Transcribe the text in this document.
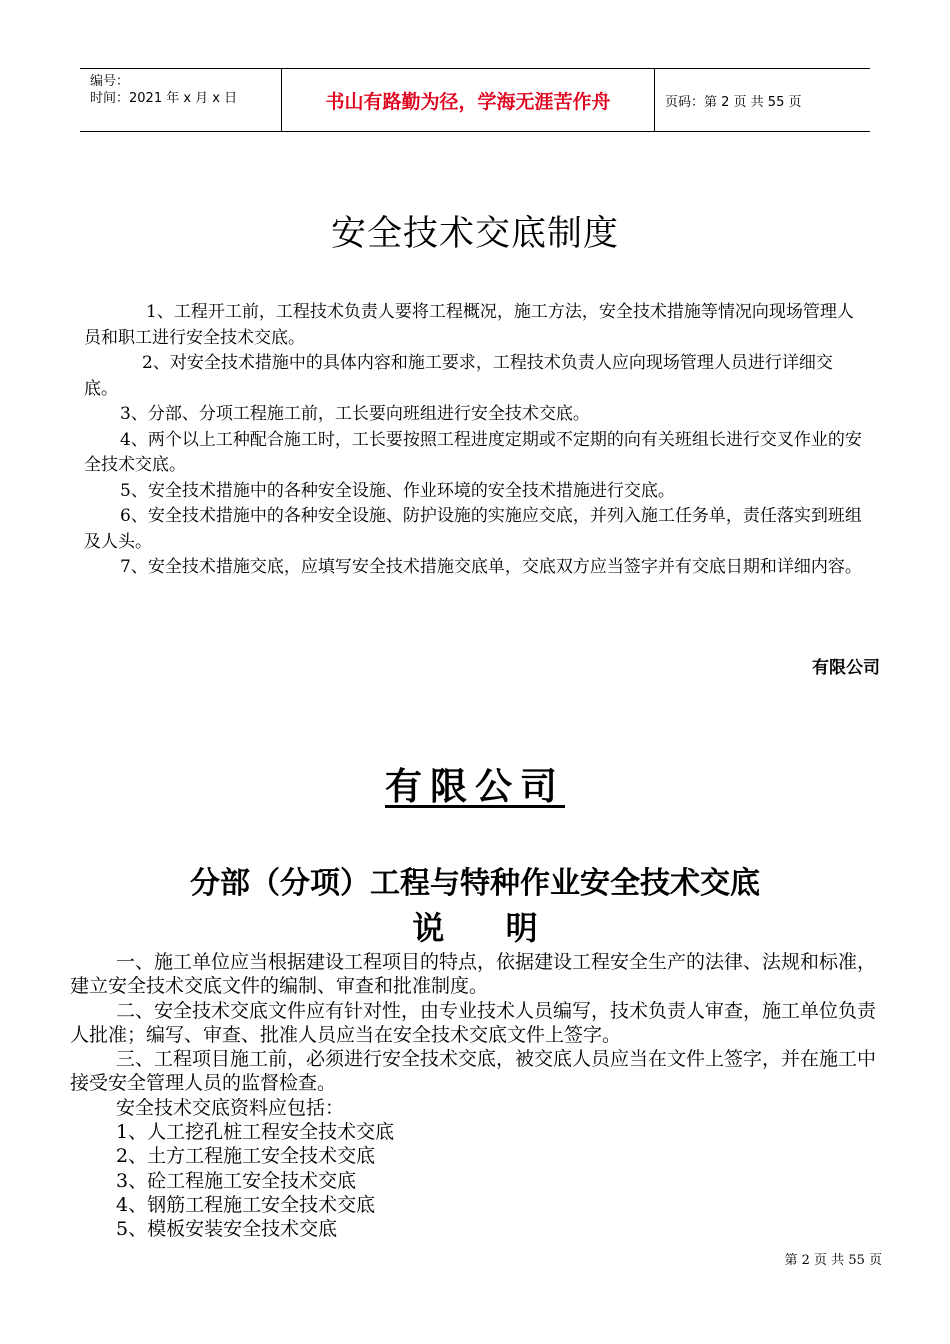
编号：
时间：2021 年 x 月 x 日	书山有路勤为径，学海无涯苦作舟	页码：第 2 页 共 55 页
安全技术交底制度

1、工程开工前，工程技术负责人要将工程概况，施工方法，安全技术措施等情况向现场管理人员和职工进行安全技术交底。

2、对安全技术措施中的具体内容和施工要求，工程技术负责人应向现场管理人员进行详细交底。

3、分部、分项工程施工前，工长要向班组进行安全技术交底。

4、两个以上工种配合施工时，工长要按照工程进度定期或不定期的向有关班组长进行交叉作业的安全技术交底。

5、安全技术措施中的各种安全设施、作业环境的安全技术措施进行交底。

6、安全技术措施中的各种安全设施、防护设施的实施应交底，并列入施工任务单，责任落实到班组及人头。

7、安全技术措施交底，应填写安全技术措施交底单，交底双方应当签字并有交底日期和详细内容。

有限公司
有限公司
分部（分项）工程与特种作业安全技术交底
说 明

一、施工单位应当根据建设工程项目的特点，依据建设工程安全生产的法律、法规和标准，建立安全技术交底文件的编制、审查和批准制度。

二、安全技术交底文件应有针对性，由专业技术人员编写，技术负责人审查，施工单位负责人批准；编写、审查、批准人员应当在安全技术交底文件上签字。

三、工程项目施工前，必须进行安全技术交底，被交底人员应当在文件上签字，并在施工中接受安全管理人员的监督检查。

安全技术交底资料应包括：

1、人工挖孔桩工程安全技术交底

2、土方工程施工安全技术交底

3、砼工程施工安全技术交底

4、钢筋工程施工安全技术交底

5、模板安装安全技术交底

第 2 页 共 55 页
